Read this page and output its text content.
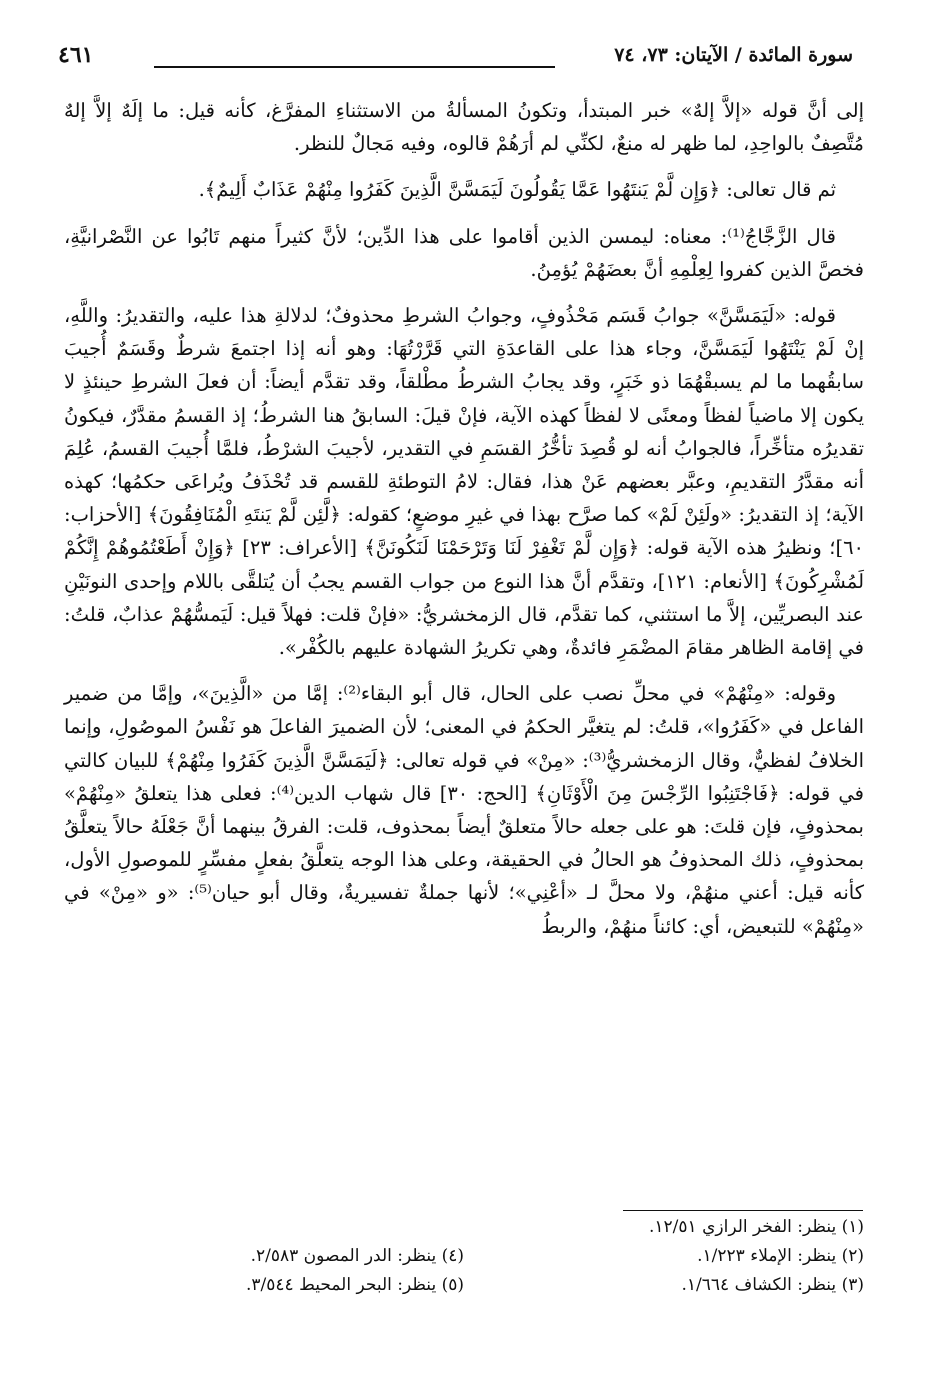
سورة المائدة / الآيتان: ٧٣، ٧٤
٤٦١

إلى أنَّ قوله «إلاَّ إلهٌ» خبر المبتدأ، وتكونُ المسألةُ من الاستثناءِ المفرَّغ، كأنه قيل: ما إلَهٌ إلاَّ إلهٌ مُتَّصِفٌ بالواحِدِ، لما ظهر له منعٌ، لكنِّي لم أرَهُمْ قالوه، وفيه مَجالٌ للنظر.

ثم قال تعالى: ﴿وَإِن لَّمْ يَنتَهُوا عَمَّا يَقُولُونَ لَيَمَسَّنَّ الَّذِينَ كَفَرُوا مِنْهُمْ عَذَابٌ أَلِيمٌ﴾.

قال الزَّجَّاجُ⁽¹⁾: معناه: ليمسن الذين أقاموا على هذا الدِّين؛ لأنَّ كثيراً منهم تَابُوا عن النَّصْرانيَّةِ، فخصَّ الذين كفروا لِعِلْمِهِ أنَّ بعضَهُمْ يُؤمِنُ.

قوله: «لَيَمَسَّنَّ» جوابُ قَسَم مَحْذُوفٍ، وجوابُ الشرطِ محذوفٌ؛ لدلالةِ هذا عليه، والتقديرُ: واللَّهِ، إنْ لَمْ يَنْتَهُوا لَيَمَسَّنَّ، وجاء هذا على القاعدَةِ التي قَرَّرْتُهَا: وهو أنه إذا اجتمعَ شرطٌ وقَسَمٌ أُجيبَ سابقُهما ما لم يسبقْهُمَا ذو خَبَرٍ، وقد يجابُ الشرطُ مطْلقاً، وقد تقدَّم أيضاً: أن فعلَ الشرطِ حينئذٍ لا يكون إلا ماضياً لفظاً ومعنًى لا لفظاً كهذه الآية، فإنْ قيلَ: السابقُ هنا الشرطُ؛ إذ القسمُ مقدَّرٌ، فيكونُ تقديرُه متأخِّراً، فالجوابُ أنه لو قُصِدَ تأخُّرُ القسَمِ في التقدير، لأجيبَ الشرْطُ، فلمَّا أُجيبَ القسمُ، عُلِمَ أنه مقدَّرُ التقديمِ، وعبَّر بعضهم عَنْ هذا، فقال: لامُ التوطئةِ للقسم قد تُحْذَفُ ويُراعَى حكمُها؛ كهذه الآية؛ إذ التقديرُ: «ولَئِنْ لَمْ» كما صرَّح بهذا في غيرِ موضعٍ؛ كقوله: ﴿لَّئِن لَّمْ يَنتَهِ الْمُنَافِقُونَ﴾ [الأحزاب: ٦٠]؛ ونظيرُ هذه الآية قوله: ﴿وَإِن لَّمْ تَغْفِرْ لَنَا وَتَرْحَمْنَا لَنَكُونَنَّ﴾ [الأعراف: ٢٣] ﴿وَإِنْ أَطَعْتُمُوهُمْ إِنَّكُمْ لَمُشْرِكُونَ﴾ [الأنعام: ١٢١]، وتقدَّم أنَّ هذا النوع من جواب القسم يجبُ أن يُتلقَّى باللام وإحدى النونَيْنِ عند البصريِّين، إلاَّ ما استثني، كما تقدَّم، قال الزمخشريُّ: «فإنْ قلت: فهلاً قيل: لَيَمسُّهُمْ عذابٌ، قلتُ: في إقامة الظاهر مقامَ المضْمَرِ فائدةٌ، وهي تكريرُ الشهادة عليهم بالكُفْر».

وقوله: «مِنْهُمْ» في محلِّ نصب على الحال، قال أبو البقاء⁽²⁾: إمَّا من «الَّذِينَ»، وإمَّا من ضمير الفاعل في «كَفَرُوا»، قلتُ: لم يتغيَّر الحكمُ في المعنى؛ لأن الضميرَ الفاعلَ هو نَفْسُ الموصُولِ، وإنما الخلافُ لفظيٌّ، وقال الزمخشريُّ⁽³⁾: «مِنْ» في قوله تعالى: ﴿لَيَمَسَّنَّ الَّذِينَ كَفَرُوا مِنْهُمْ﴾ للبيان كالتي في قوله: ﴿فَاجْتَنِبُوا الرِّجْسَ مِنَ الْأَوْثَانِ﴾ [الحج: ٣٠] قال شهاب الدين⁽⁴⁾: فعلى هذا يتعلقُ «مِنْهُمْ» بمحذوفٍ، فإن قلتَ: هو على جعله حالاً متعلقٌ أيضاً بمحذوف، قلت: الفرقُ بينهما أنَّ جَعْلَهُ حالاً يتعلَّقُ بمحذوفٍ، ذلك المحذوفُ هو الحالُ في الحقيقة، وعلى هذا الوجه يتعلَّقُ بفعلٍ مفسِّرٍ للموصولِ الأول، كأنه قيل: أعني منهُمْ، ولا محلَّ لـ «أعْنِي»؛ لأنها جملةٌ تفسيريةٌ، وقال أبو حيان⁽⁵⁾: «و «مِنْ» في «مِنْهُمْ» للتبعيض، أي: كائناً منهُمْ، والربطُ

(١) ينظر: الفخر الرازي ١٢/٥١.
(٢) ينظر: الإملاء ١/٢٢٣.
(٤) ينظر: الدر المصون ٢/٥٨٣.
(٣) ينظر: الكشاف ١/٦٦٤.
(٥) ينظر: البحر المحيط ٣/٥٤٤.
